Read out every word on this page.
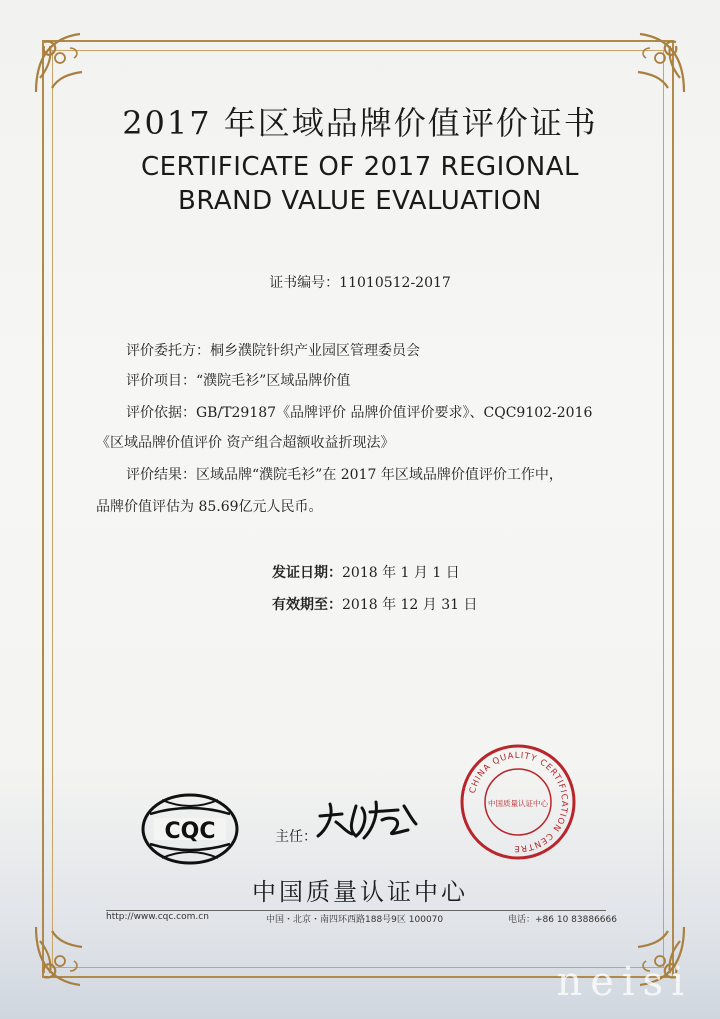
2017 年区域品牌价值评价证书
CERTIFICATE OF 2017 REGIONAL
BRAND VALUE EVALUATION
证书编号：11010512-2017
评价委托方：桐乡濮院针织产业园区管理委员会
评价项目：“濮院毛衫”区域品牌价值
评价依据：GB/T29187《品牌评价 品牌价值评价要求》、CQC9102-2016
《区域品牌价值评价 资产组合超额收益折现法》
评价结果：区域品牌“濮院毛衫”在 2017 年区域品牌价值评价工作中，
品牌价值评估为 85.69亿元人民币。
发证日期：2018 年 1 月 1 日
有效期至：2018 年 12 月 31 日
CQC	主任：
CHINA QUALITY CERTIFICATION CENTRE
中国质量认证中心
中国质量认证中心
http://www.cqc.com.cn	中国・北京・南四环西路188号9区 100070	电话：+86 10 83886666
neisi
